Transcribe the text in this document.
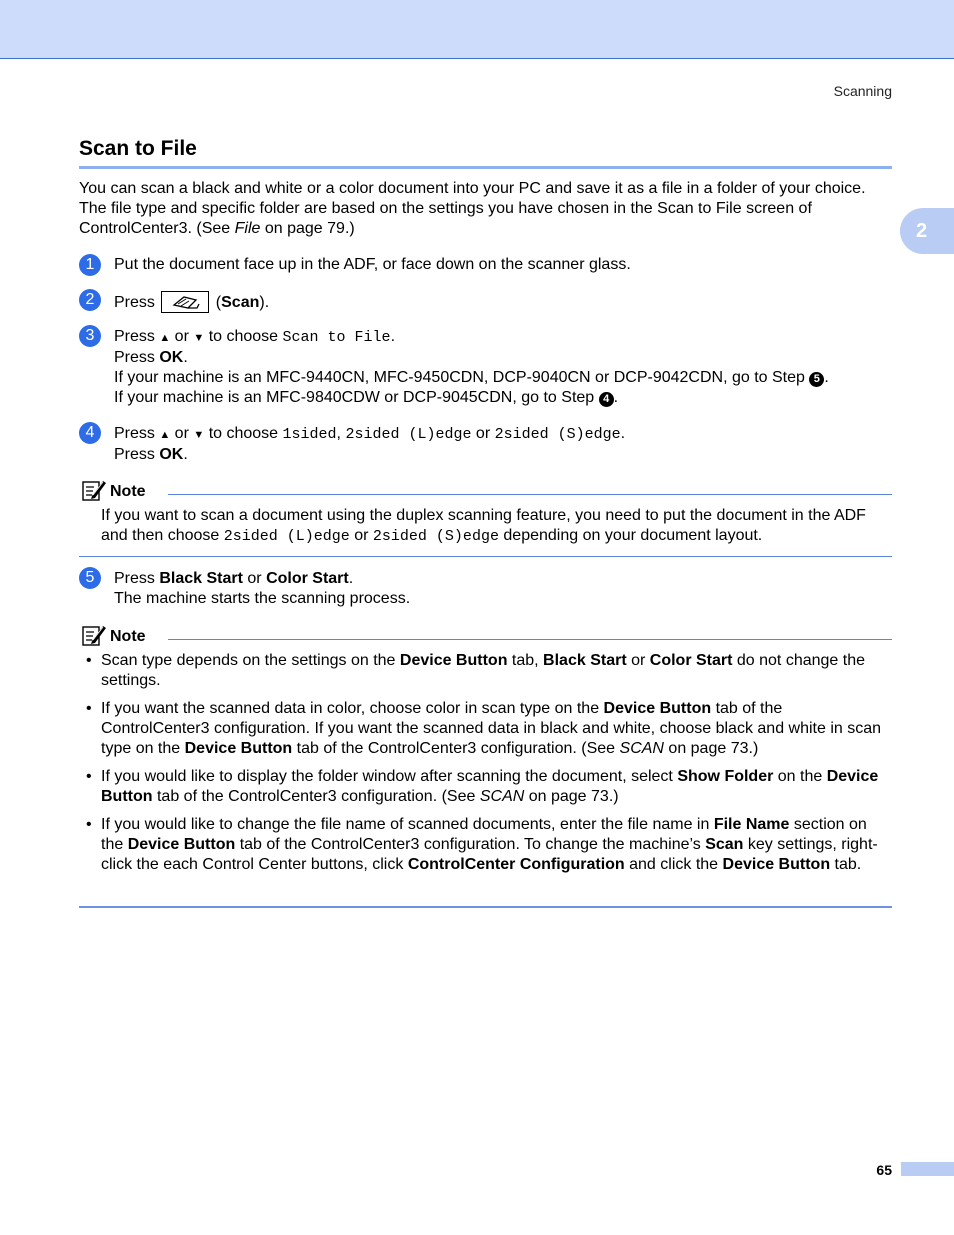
Scanning
2
Scan to File

You can scan a black and white or a color document into your PC and save it as a file in a folder of your choice. The file type and specific folder are based on the settings you have chosen in the Scan to File screen of ControlCenter3. (See File on page 79.)

1	Put the document face up in the ADF, or face down on the scanner glass.
2	Press	(Scan).
3	Press ▲ or ▼ to choose Scan to File.
Press OK.
If your machine is an MFC-9440CN, MFC-9450CDN, DCP-9040CN or DCP-9042CDN, go to Step 5 .
If your machine is an MFC-9840CDW or DCP-9045CDN, go to Step 4 .
4	Press ▲ or ▼ to choose 1sided, 2sided (L)edge or 2sided (S)edge.
Press OK.
Note

If you want to scan a document using the duplex scanning feature, you need to put the document in the ADF and then choose 2sided (L)edge or 2sided (S)edge depending on your document layout.

5	Press Black Start or Color Start.
The machine starts the scanning process.
Note
• Scan type depends on the settings on the Device Button tab, Black Start or Color Start do not change the settings.
• If you want the scanned data in color, choose color in scan type on the Device Button tab of the ControlCenter3 configuration. If you want the scanned data in black and white, choose black and white in scan type on the Device Button tab of the ControlCenter3 configuration. (See SCAN on page 73.)
• If you would like to display the folder window after scanning the document, select Show Folder on the Device Button tab of the ControlCenter3 configuration. (See SCAN on page 73.)
• If you would like to change the file name of scanned documents, enter the file name in File Name section on the Device Button tab of the ControlCenter3 configuration. To change the machine’s Scan key settings, right-click the each Control Center buttons, click ControlCenter Configuration and click the Device Button tab.
65
